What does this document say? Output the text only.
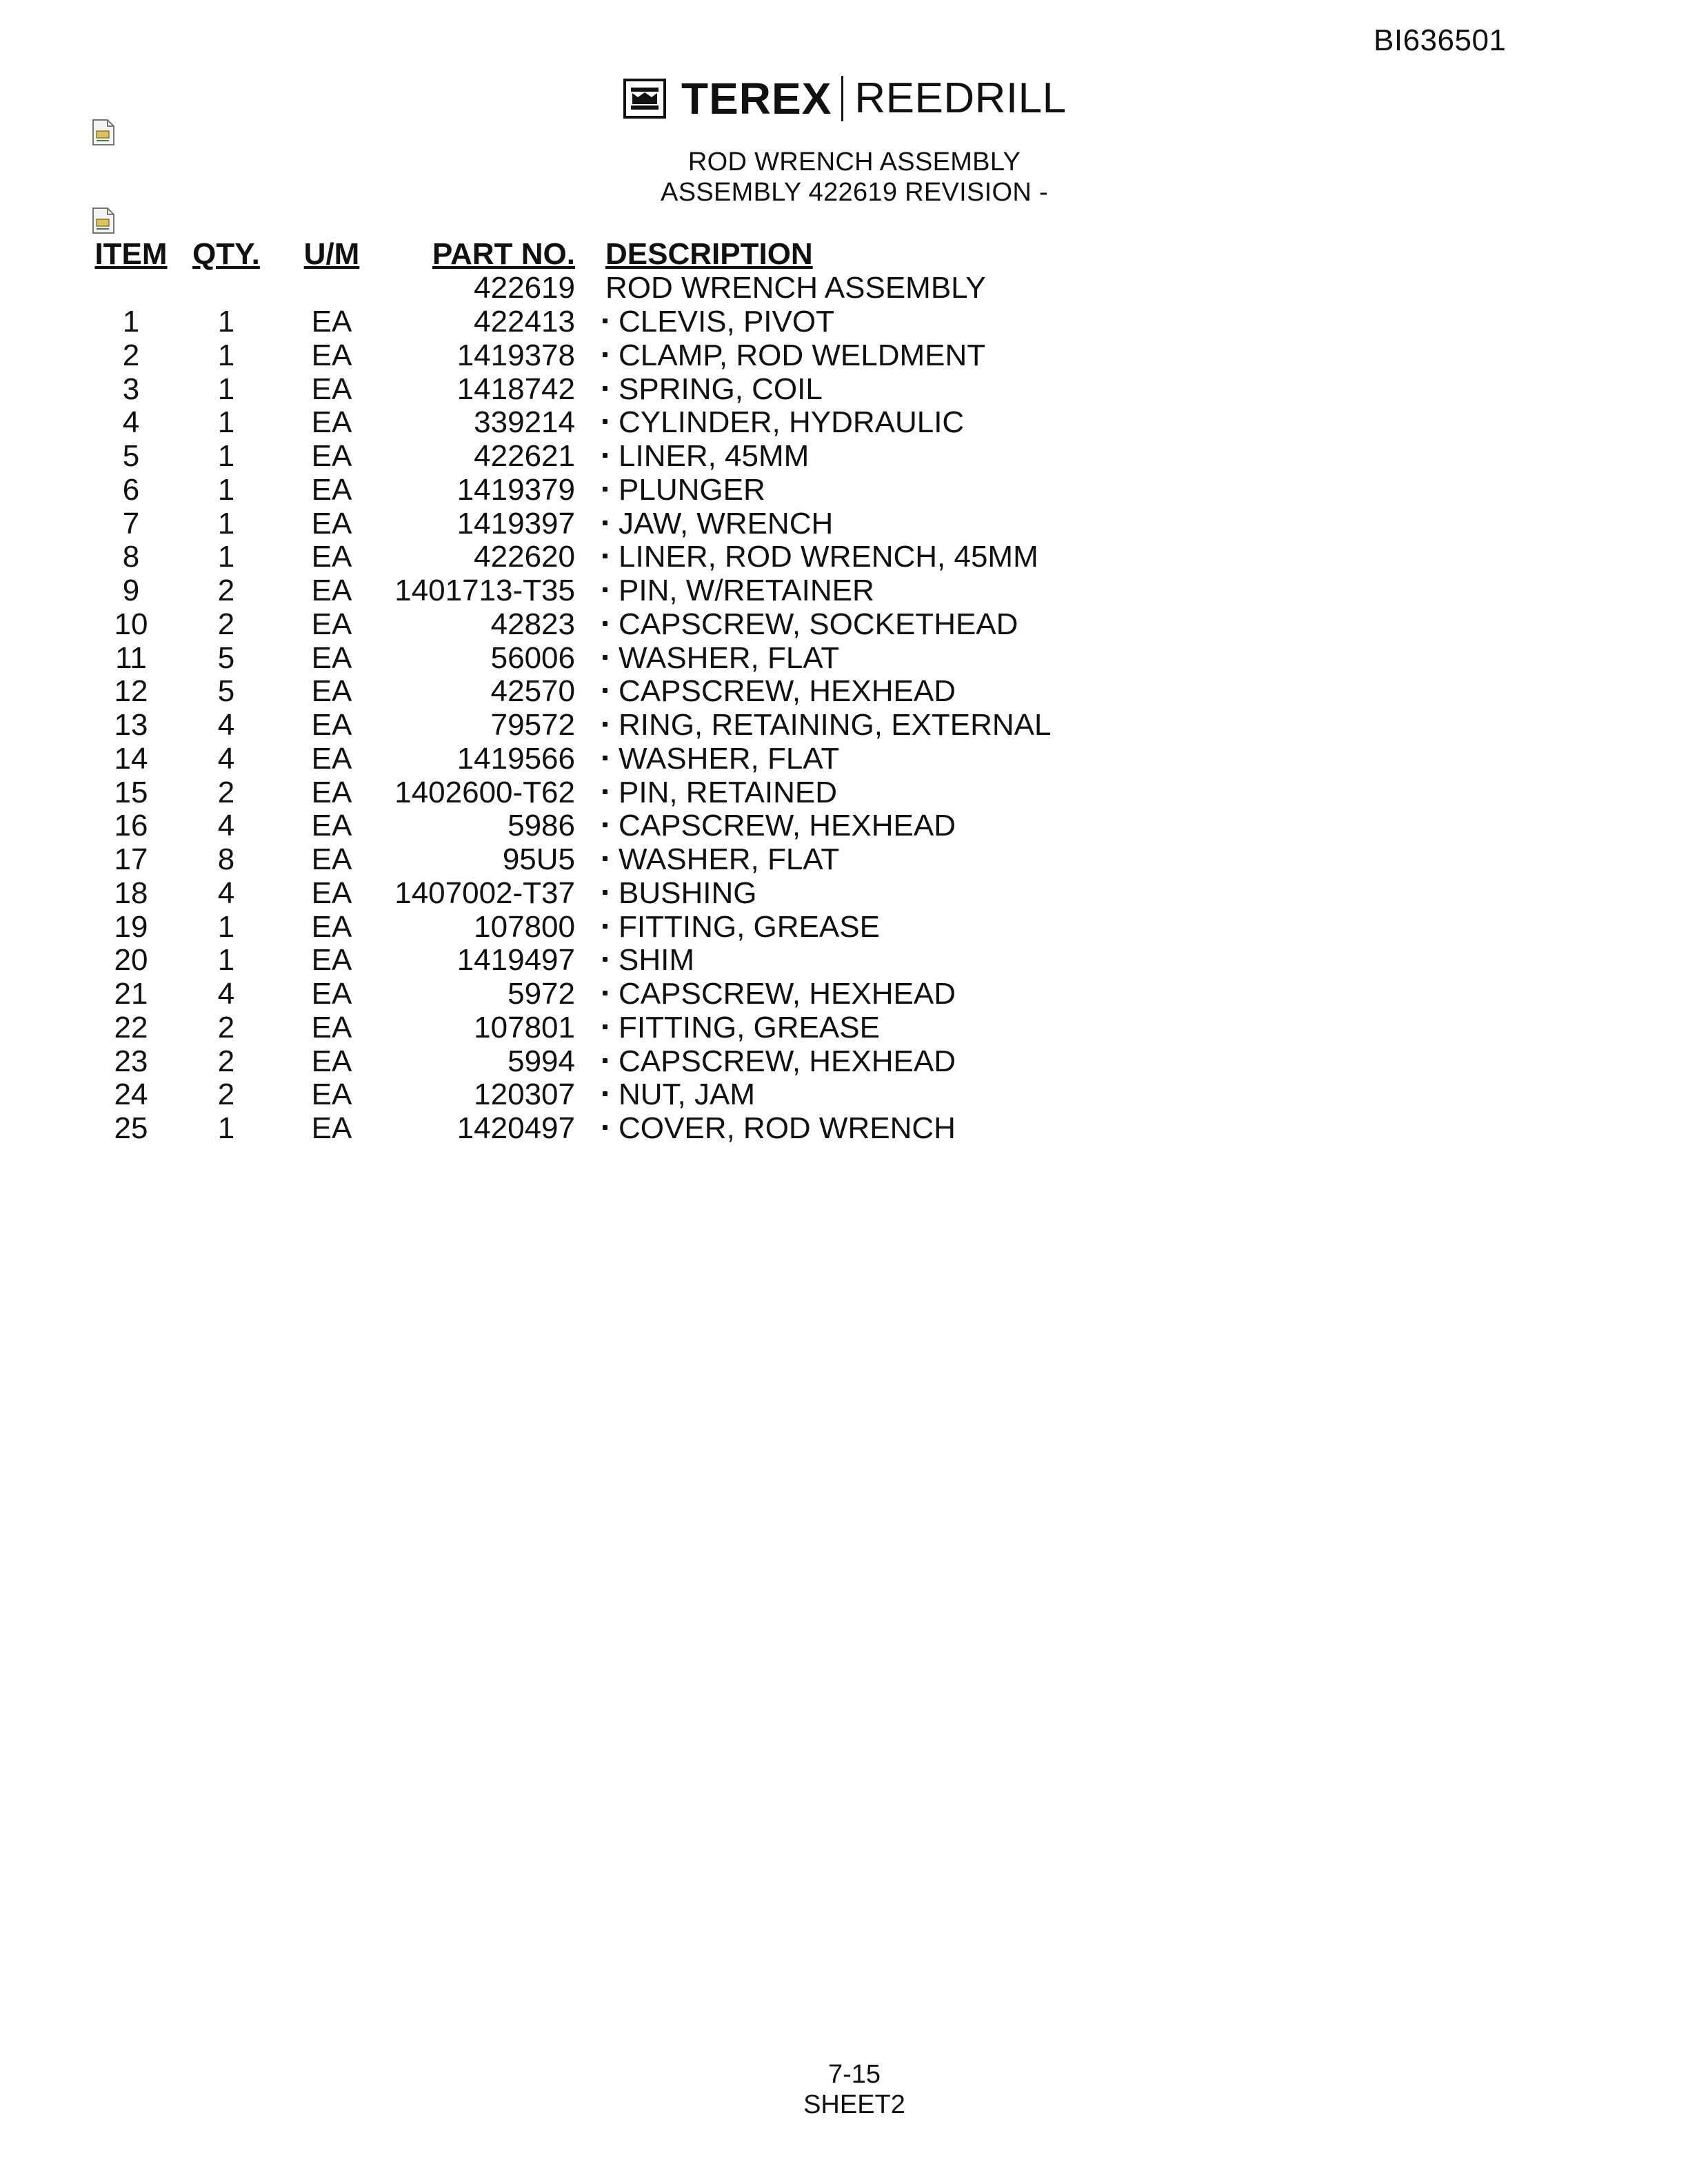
BI636501
TEREX REEDRILL
ROD WRENCH ASSEMBLY
ASSEMBLY 422619 REVISION -
ITEM	QTY.	U/M	PART NO.	DESCRIPTION
			422619	ROD WRENCH ASSEMBLY
1	1	EA	422413	CLEVIS, PIVOT
2	1	EA	1419378	CLAMP, ROD WELDMENT
3	1	EA	1418742	SPRING, COIL
4	1	EA	339214	CYLINDER, HYDRAULIC
5	1	EA	422621	LINER, 45MM
6	1	EA	1419379	PLUNGER
7	1	EA	1419397	JAW, WRENCH
8	1	EA	422620	LINER, ROD WRENCH, 45MM
9	2	EA	1401713-T35	PIN, W/RETAINER
10	2	EA	42823	CAPSCREW, SOCKETHEAD
11	5	EA	56006	WASHER, FLAT
12	5	EA	42570	CAPSCREW, HEXHEAD
13	4	EA	79572	RING, RETAINING, EXTERNAL
14	4	EA	1419566	WASHER, FLAT
15	2	EA	1402600-T62	PIN, RETAINED
16	4	EA	5986	CAPSCREW, HEXHEAD
17	8	EA	95U5	WASHER, FLAT
18	4	EA	1407002-T37	BUSHING
19	1	EA	107800	FITTING, GREASE
20	1	EA	1419497	SHIM
21	4	EA	5972	CAPSCREW, HEXHEAD
22	2	EA	107801	FITTING, GREASE
23	2	EA	5994	CAPSCREW, HEXHEAD
24	2	EA	120307	NUT, JAM
25	1	EA	1420497	COVER, ROD WRENCH
7-15
SHEET2
